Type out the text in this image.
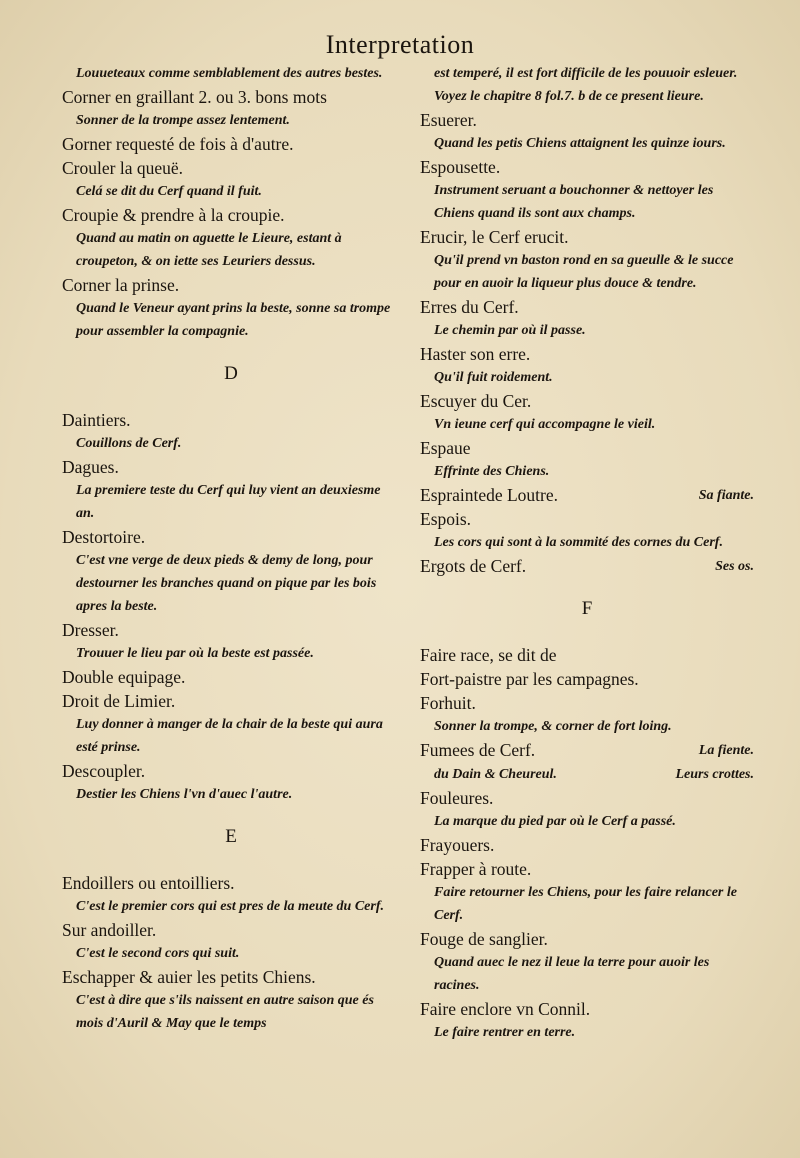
Interpretation
Louueteaux comme semblablement des autres bestes.
Corner en graillant 2. ou 3. bons mots
Sonner de la trompe assez lentement.
Gorner requesté de fois à d'autre.
Crouler la queuë.
Celá se dit du Cerf quand il fuit.
Croupie & prendre à la croupie.
Quand au matin on aguette le Lieure, estant à croupeton, & on iette ses Leuriers dessus.
Corner la prinse.
Quand le Veneur ayant prins la beste, sonne sa trompe pour assembler la compagnie.
D
Daintiers.
Couillons de Cerf.
Dagues.
La premiere teste du Cerf qui luy vient an deuxiesme an.
Destortoire.
C'est vne verge de deux pieds & demy de long, pour destourner les branches quand on pique par les bois apres la beste.
Dresser.
Trouuer le lieu par où la beste est passée.
Double equipage.
Droit de Limier.
Luy donner à manger de la chair de la beste qui aura esté prinse.
Descoupler.
Destier les Chiens l'vn d'auec l'autre.
E
Endoillers ou entoilliers.
C'est le premier cors qui est pres de la meute du Cerf.
Sur andoiller.
C'est le second cors qui suit.
Eschapper & auier les petits Chiens.
C'est à dire que s'ils naissent en autre saison que és mois d'Auril & May que le temps
est temperé, il est fort difficile de les pouuoir esleuer. Voyez le chapitre 8 fol.7. b de ce present lieure.
Esuerer.
Quand les petis Chiens attaignent les quinze iours.
Espousette.
Instrument seruant a bouchonner & nettoyer les Chiens quand ils sont aux champs.
Erucir, le Cerf erucit.
Qu'il prend vn baston rond en sa gueulle & le succe pour en auoir la liqueur plus douce & tendre.
Erres du Cerf.
Le chemin par où il passe.
Haster son erre.
Qu'il fuit roidement.
Escuyer du Cer.
Vn ieune cerf qui accompagne le vieil.
Espaue
Effrinte des Chiens.
Espraintede Loutre.	Sa fiante.
Espois.
Les cors qui sont à la sommité des cornes du Cerf.
Ergots de Cerf.	Ses os.
F
Faire race, se dit de
Fort-paistre par les campagnes.
Forhuit.
Sonner la trompe, & corner de fort loing.
Fumees de Cerf.	La fiente.
du Dain & Cheureul.	Leurs crottes.
Fouleures.
La marque du pied par où le Cerf a passé.
Frayouers.
Frapper à route.
Faire retourner les Chiens, pour les faire relancer le Cerf.
Fouge de sanglier.
Quand auec le nez il leue la terre pour auoir les racines.
Faire enclore vn Connil.
Le faire rentrer en terre.
